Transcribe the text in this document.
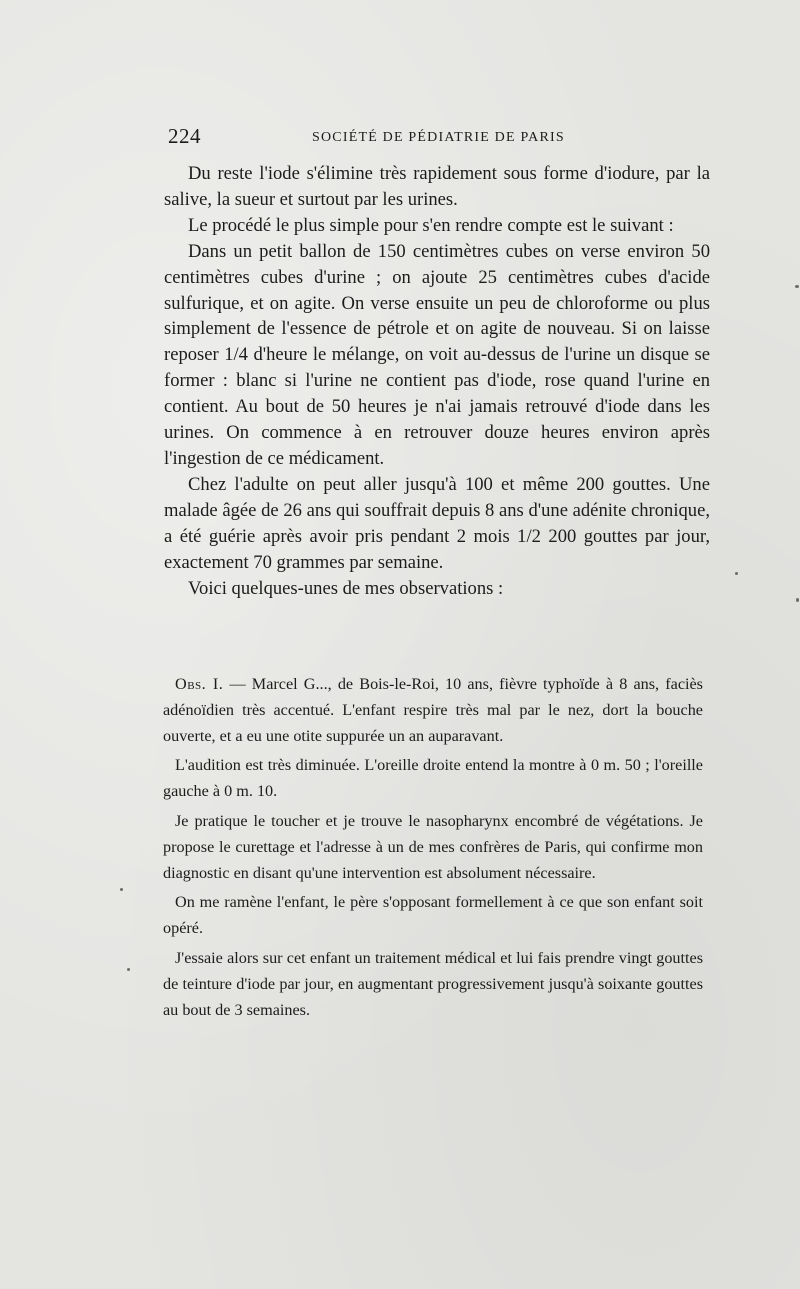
224	SOCIÉTÉ DE PÉDIATRIE DE PARIS

Du reste l'iode s'élimine très rapidement sous forme d'iodure, par la salive, la sueur et surtout par les urines.

Le procédé le plus simple pour s'en rendre compte est le suivant :

Dans un petit ballon de 150 centimètres cubes on verse environ 50 centimètres cubes d'urine ; on ajoute 25 centimètres cubes d'acide sulfurique, et on agite. On verse ensuite un peu de chloroforme ou plus simplement de l'essence de pétrole et on agite de nouveau. Si on laisse reposer 1/4 d'heure le mélange, on voit au-dessus de l'urine un disque se former : blanc si l'urine ne contient pas d'iode, rose quand l'urine en contient. Au bout de 50 heures je n'ai jamais retrouvé d'iode dans les urines. On commence à en retrouver douze heures environ après l'ingestion de ce médicament.

Chez l'adulte on peut aller jusqu'à 100 et même 200 gouttes. Une malade âgée de 26 ans qui souffrait depuis 8 ans d'une adénite chronique, a été guérie après avoir pris pendant 2 mois 1/2 200 gouttes par jour, exactement 70 grammes par semaine.

Voici quelques-unes de mes observations :

Obs. I. — Marcel G..., de Bois-le-Roi, 10 ans, fièvre typhoïde à 8 ans, faciès adénoïdien très accentué. L'enfant respire très mal par le nez, dort la bouche ouverte, et a eu une otite suppurée un an auparavant.

L'audition est très diminuée. L'oreille droite entend la montre à 0 m. 50 ; l'oreille gauche à 0 m. 10.

Je pratique le toucher et je trouve le nasopharynx encombré de végétations. Je propose le curettage et l'adresse à un de mes confrères de Paris, qui confirme mon diagnostic en disant qu'une intervention est absolument nécessaire.

On me ramène l'enfant, le père s'opposant formellement à ce que son enfant soit opéré.

J'essaie alors sur cet enfant un traitement médical et lui fais prendre vingt gouttes de teinture d'iode par jour, en augmentant progressivement jusqu'à soixante gouttes au bout de 3 semaines.
